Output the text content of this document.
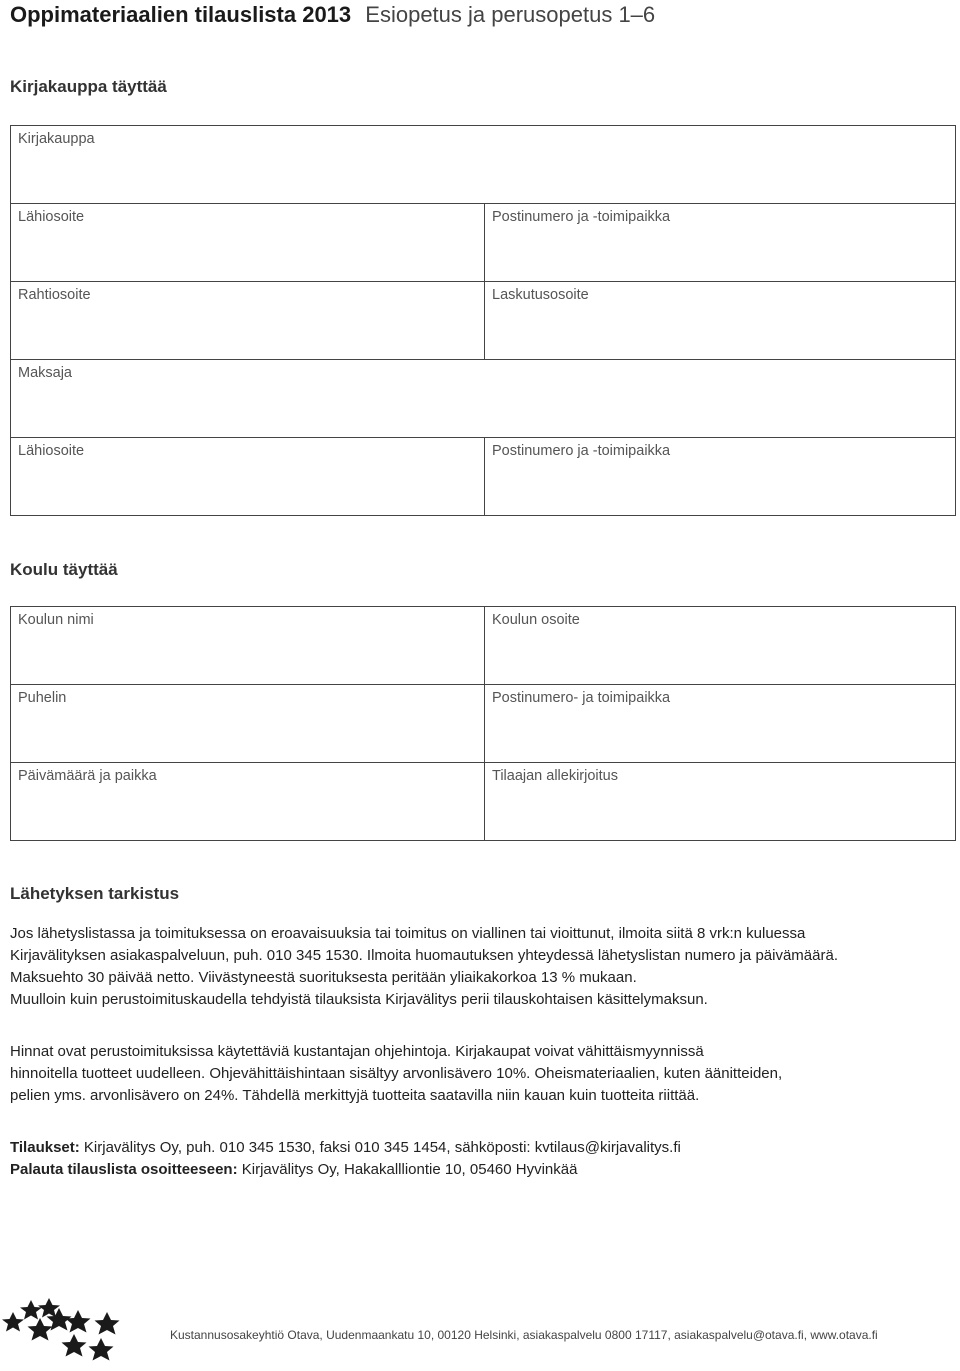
Oppimateriaalien tilauslista 2013 Esiopetus ja perusopetus 1–6
Kirjakauppa täyttää
Kirjakauppa
Lähiosoite	Postinumero ja -toimipaikka
Rahtiosoite	Laskutusosoite
Maksaja
Lähiosoite	Postinumero ja -toimipaikka
Koulu täyttää
Koulun nimi	Koulun osoite
Puhelin	Postinumero- ja toimipaikka
Päivämäärä ja paikka	Tilaajan allekirjoitus
Lähetyksen tarkistus
Jos lähetyslistassa ja toimituksessa on eroavaisuuksia tai toimitus on viallinen tai vioittunut, ilmoita siitä 8 vrk:n kuluessa
Kirjavälityksen asiakaspalveluun, puh. 010 345 1530. Ilmoita huomautuksen yhteydessä lähetyslistan numero ja päivämäärä.
Maksuehto 30 päivää netto. Viivästyneestä suorituksesta peritään yliaikakorkoa 13 % mukaan.
Muulloin kuin perustoimituskaudella tehdyistä tilauksista Kirjavälitys perii tilauskohtaisen käsittelymaksun.
Hinnat ovat perustoimituksissa käytettäviä kustantajan ohjehintoja. Kirjakaupat voivat vähittäismyynnissä
hinnoitella tuotteet uudelleen. Ohjevähittäishintaan sisältyy arvonlisävero 10%. Oheismateriaalien, kuten äänitteiden,
pelien yms. arvonlisävero on 24%. Tähdellä merkittyjä tuotteita saatavilla niin kauan kuin tuotteita riittää.
Tilaukset: Kirjavälitys Oy, puh. 010 345 1530, faksi 010 345 1454, sähköposti: kvtilaus@kirjavalitys.fi
Palauta tilauslista osoitteeseen: Kirjavälitys Oy, Hakakallliontie 10, 05460 Hyvinkää
Kustannusosakeyhtiö Otava, Uudenmaankatu 10, 00120 Helsinki, asiakaspalvelu 0800 17117, asiakaspalvelu@otava.fi, www.otava.fi
